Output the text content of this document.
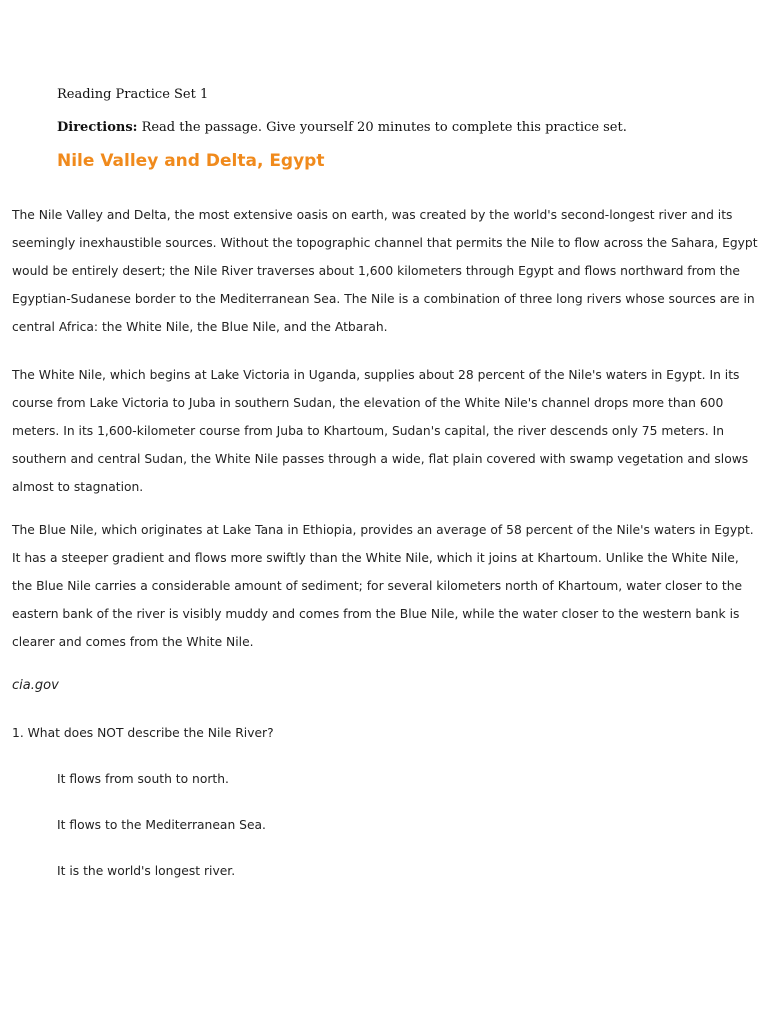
Reading Practice Set 1
Directions: Read the passage. Give yourself 20 minutes to complete this practice set.
Nile Valley and Delta, Egypt

The Nile Valley and Delta, the most extensive oasis on earth, was created by the world's second-longest river and its seemingly inexhaustible sources. Without the topographic channel that permits the Nile to flow across the Sahara, Egypt would be entirely desert; the Nile River traverses about 1,600 kilometers through Egypt and flows northward from the Egyptian-Sudanese border to the Mediterranean Sea. The Nile is a combination of three long rivers whose sources are in central Africa: the White Nile, the Blue Nile, and the Atbarah.

The White Nile, which begins at Lake Victoria in Uganda, supplies about 28 percent of the Nile's waters in Egypt. In its course from Lake Victoria to Juba in southern Sudan, the elevation of the White Nile's channel drops more than 600 meters. In its 1,600-kilometer course from Juba to Khartoum, Sudan's capital, the river descends only 75 meters. In southern and central Sudan, the White Nile passes through a wide, flat plain covered with swamp vegetation and slows almost to stagnation.

The Blue Nile, which originates at Lake Tana in Ethiopia, provides an average of 58 percent of the Nile's waters in Egypt. It has a steeper gradient and flows more swiftly than the White Nile, which it joins at Khartoum. Unlike the White Nile, the Blue Nile carries a considerable amount of sediment; for several kilometers north of Khartoum, water closer to the eastern bank of the river is visibly muddy and comes from the Blue Nile, while the water closer to the western bank is clearer and comes from the White Nile.

cia.gov
1. What does NOT describe the Nile River?
It flows from south to north.
It flows to the Mediterranean Sea.
It is the world's longest river.
